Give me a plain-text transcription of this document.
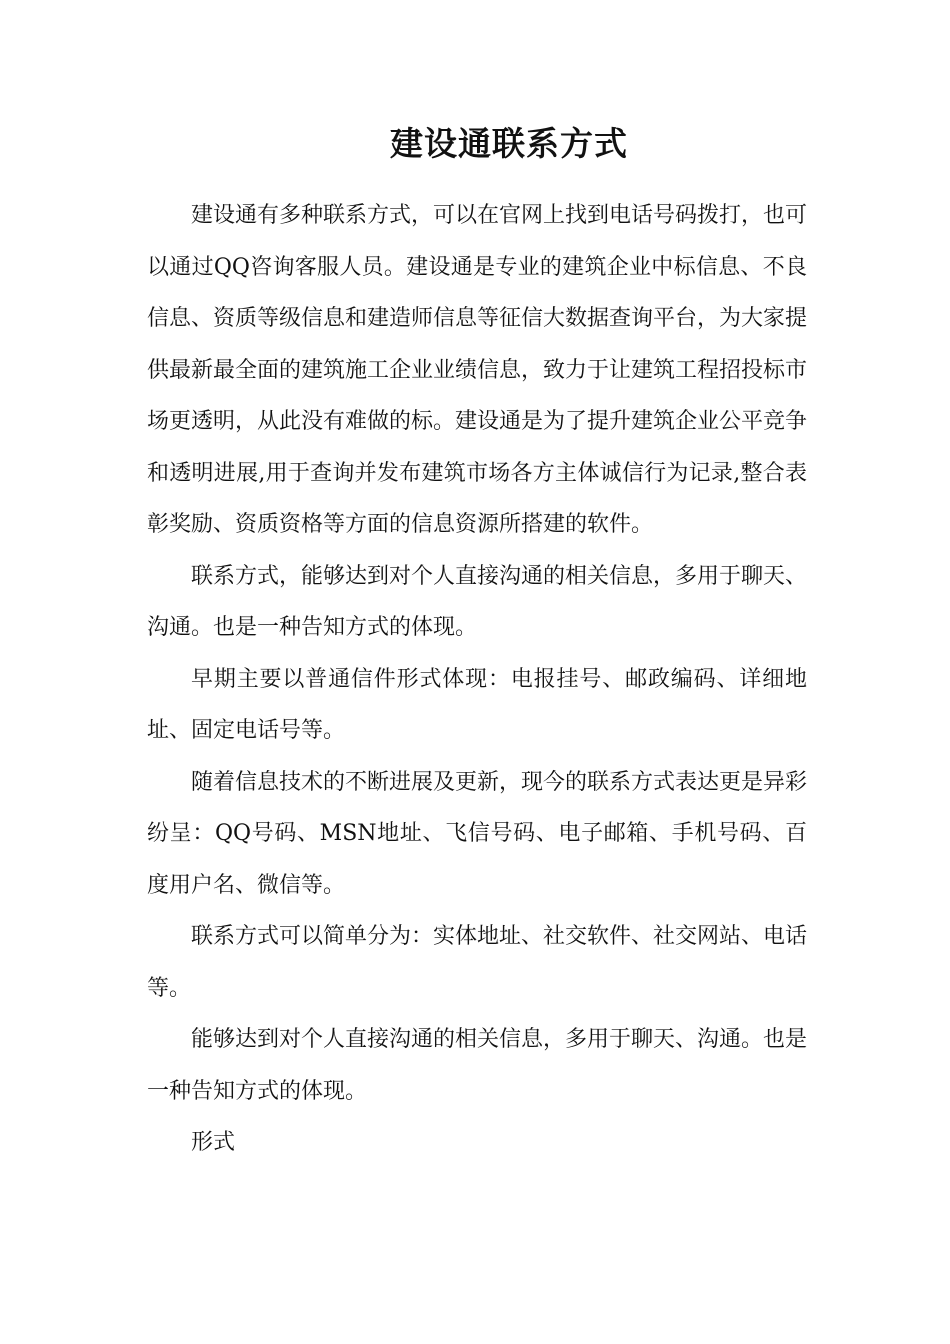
建设通联系方式

建设通有多种联系方式，可以在官网上找到电话号码拨打，也可以通过QQ咨询客服人员。建设通是专业的建筑企业中标信息、不良信息、资质等级信息和建造师信息等征信大数据查询平台，为大家提供最新最全面的建筑施工企业业绩信息，致力于让建筑工程招投标市场更透明，从此没有难做的标。建设通是为了提升建筑企业公平竞争和透明进展,用于查询并发布建筑市场各方主体诚信行为记录,整合表彰奖励、资质资格等方面的信息资源所搭建的软件。

联系方式，能够达到对个人直接沟通的相关信息，多用于聊天、沟通。也是一种告知方式的体现。

早期主要以普通信件形式体现：电报挂号、邮政编码、详细地址、固定电话号等。

随着信息技术的不断进展及更新，现今的联系方式表达更是异彩纷呈：QQ号码、MSN地址、飞信号码、电子邮箱、手机号码、百度用户名、微信等。

联系方式可以简单分为：实体地址、社交软件、社交网站、电话等。

能够达到对个人直接沟通的相关信息，多用于聊天、沟通。也是一种告知方式的体现。

形式
